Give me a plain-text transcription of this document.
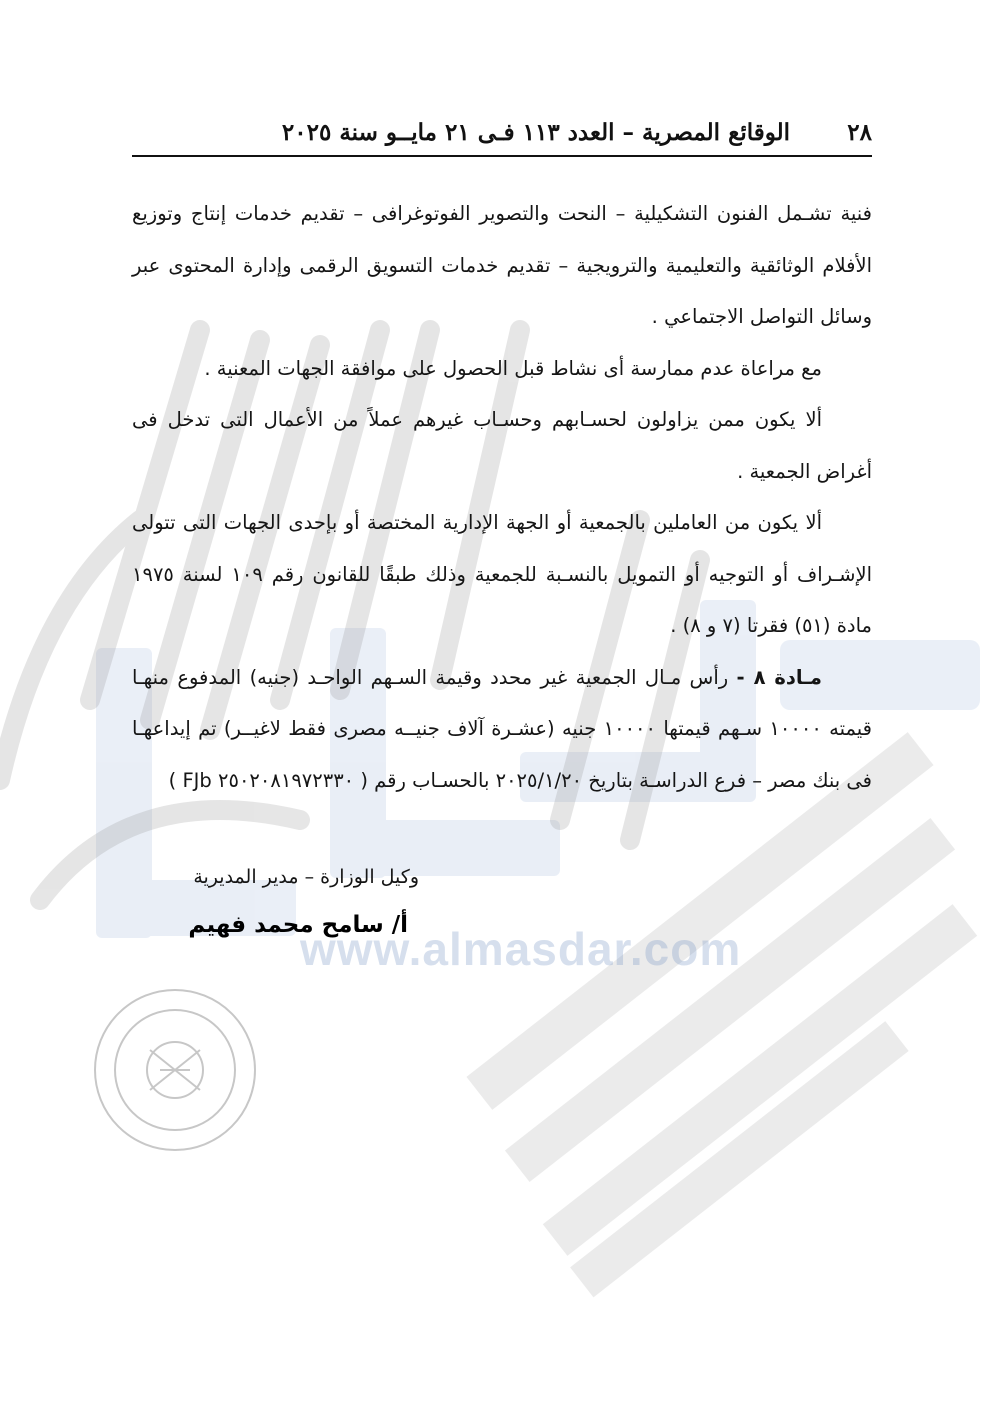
www.almasdar.com
٢٨
الوقائع المصرية – العدد ١١٣ فـى ٢١ مايــو سنة ٢٠٢٥

فنية تشـمل الفنون التشكيلية – النحت والتصوير الفوتوغرافى – تقديم خدمات إنتاج وتوزيع الأفلام الوثائقية والتعليمية والترويجية – تقديم خدمات التسويق الرقمى وإدارة المحتوى عبر وسائل التواصل الاجتماعي .

مع مراعاة عدم ممارسة أى نشاط قبل الحصول على موافقة الجهات المعنية .

ألا يكون ممن يزاولون لحسـابهم وحسـاب غيرهم عملاً من الأعمال التى تدخل فى أغراض الجمعية .

ألا يكون من العاملين بالجمعية أو الجهة الإدارية المختصة أو بإحدى الجهات التى تتولى الإشـراف أو التوجيه أو التمويل بالنسـبة للجمعية وذلك طبقًا للقانون رقم ١٠٩ لسنة ١٩٧٥ مادة (٥١) فقرتا (٧ و ٨) .

مـادة ٨ - رأس مـال الجمعية غير محدد وقيمة السـهم الواحـد (جنيه) المدفوع منهـا قيمته ١٠٠٠٠ سـهم قيمتها ١٠٠٠٠ جنيه (عشـرة آلاف جنيــه مصرى فقط لاغيــر) تم إيداعهـا فى بنك مصر – فرع الدراسـة بتاريخ ٢٠٢٥/١/٢٠ بالحسـاب رقم ( ٢٥٠٢٠٨١٩٧٢٣٣٠ FJb )

وكيل الوزارة – مدير المديرية
أ/ سامح محمد فهيم
